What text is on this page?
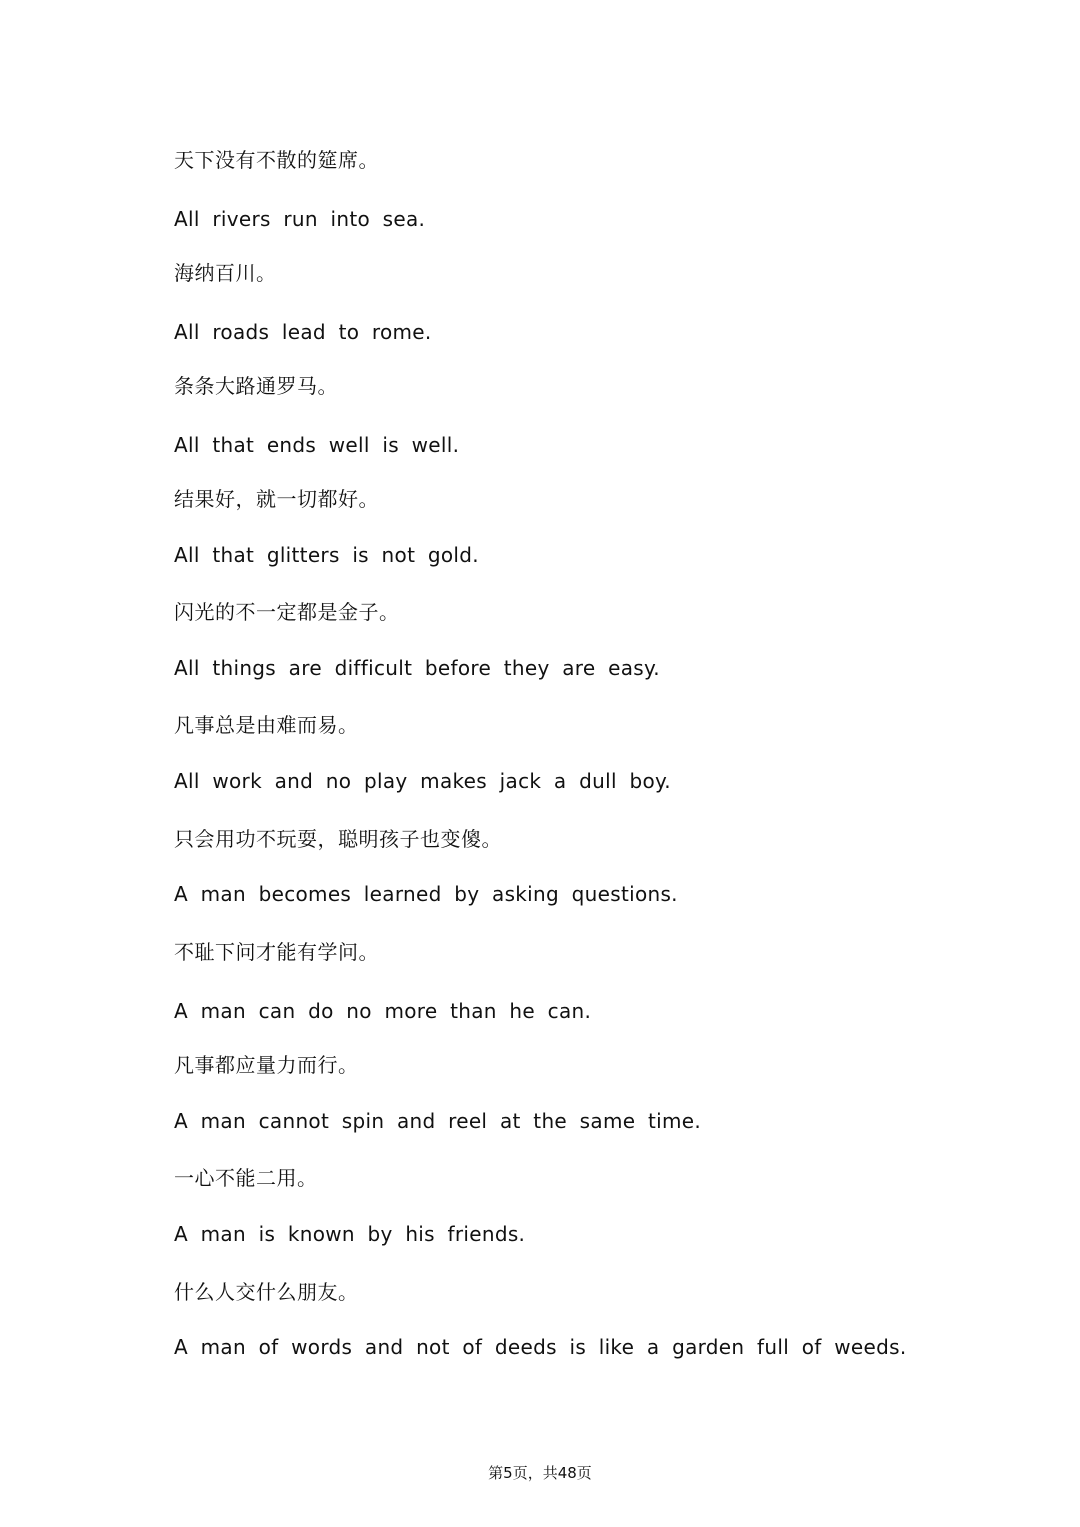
天下没有不散的筵席。
All rivers run into sea.
海纳百川。
All roads lead to rome.
条条大路通罗马。
All that ends well is well.
结果好，就一切都好。
All that glitters is not gold.
闪光的不一定都是金子。
All things are difficult before they are easy.
凡事总是由难而易。
All work and no play makes jack a dull boy.
只会用功不玩耍，聪明孩子也变傻。
A man becomes learned by asking questions.
不耻下问才能有学问。
A man can do no more than he can.
凡事都应量力而行。
A man cannot spin and reel at the same time.
一心不能二用。
A man is known by his friends.
什么人交什么朋友。
A man of words and not of deeds is like a garden full of weeds.
第5页，共48页
